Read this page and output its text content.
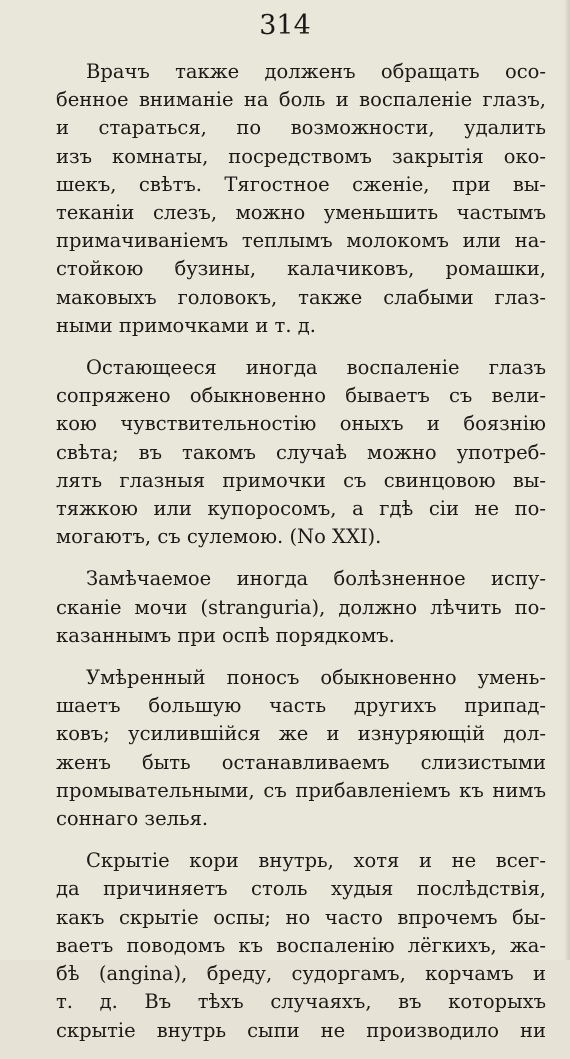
314

Врачъ также долженъ обращать осо-
бенное вниманіе на боль и воспаленіе глазъ,
и стараться, по возможности, удалить
изъ комнаты, посредствомъ закрытія око-
шекъ, свѣтъ. Тягостное сженіе, при вы-
теканіи слезъ, можно уменьшить частымъ
примачиваніемъ теплымъ молокомъ или на-
стойкою бузины, калачиковъ, ромашки,
маковыхъ головокъ, также слабыми глаз-
ными примочками и т. д.

Остающееся иногда воспаленіе глазъ
сопряжено обыкновенно бываетъ съ вели-
кою чувствительностію оныхъ и боязнію
свѣта; въ такомъ случаѣ можно употреб-
лять глазныя примочки съ свинцовою вы-
тяжкою или купоросомъ, а гдѣ сіи не по-
могаютъ, съ сулемою. (No XXI).

Замѣчаемое иногда болѣзненное испу-
сканіе мочи (stranguria), должно лѣчить по-
казаннымъ при оспѣ порядкомъ.

Умѣренный поносъ обыкновенно умень-
шаетъ большую часть другихъ припад-
ковъ; усилившійся же и изнуряющій дол-
женъ быть останавливаемъ слизистыми
промывательными, съ прибавленіемъ къ нимъ
соннаго зелья.

Скрытіе кори внутрь, хотя и не всег-
да причиняетъ столь худыя послѣдствія,
какъ скрытіе оспы; но часто впрочемъ бы-
ваетъ поводомъ къ воспаленію лёгкихъ, жа-
бѣ (angina), бреду, судоргамъ, корчамъ и
т. д. Въ тѣхъ случаяхъ, въ которыхъ
скрытіе внутрь сыпи не производило ни
